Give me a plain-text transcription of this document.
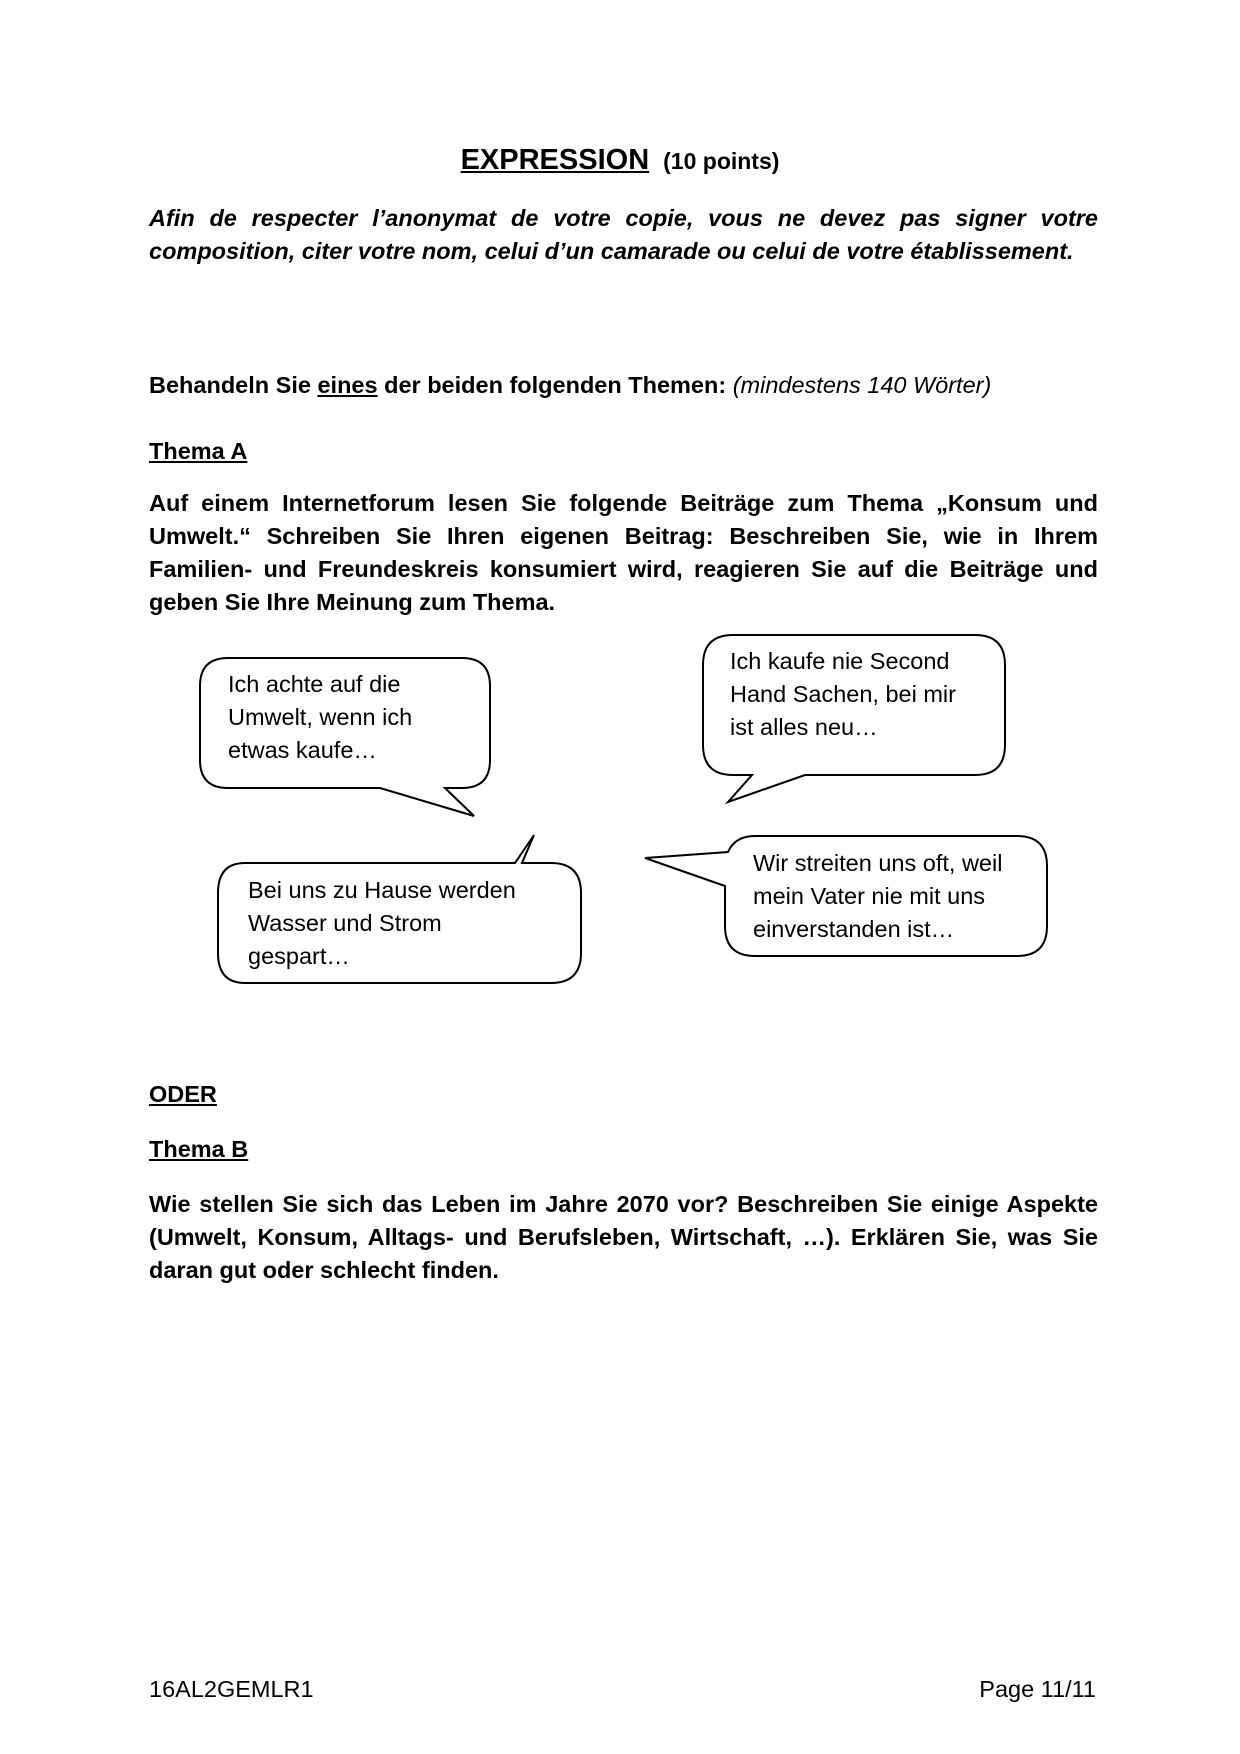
EXPRESSION (10 points)
Afin de respecter l’anonymat de votre copie, vous ne devez pas signer votre composition, citer votre nom, celui d’un camarade ou celui de votre établissement.
Behandeln Sie eines der beiden folgenden Themen: (mindestens 140 Wörter)
Thema A
Auf einem Internetforum lesen Sie folgende Beiträge zum Thema „Konsum und Umwelt.“ Schreiben Sie Ihren eigenen Beitrag: Beschreiben Sie, wie in Ihrem Familien- und Freundeskreis konsumiert wird, reagieren Sie auf die Beiträge und geben Sie Ihre Meinung zum Thema.
Ich achte auf die
Umwelt, wenn ich
etwas kaufe…
Ich kaufe nie Second
Hand Sachen, bei mir
ist alles neu…
Bei uns zu Hause werden
Wasser und Strom
gespart…
Wir streiten uns oft, weil
mein Vater nie mit uns
einverstanden ist…
ODER
Thema B
Wie stellen Sie sich das Leben im Jahre 2070 vor? Beschreiben Sie einige Aspekte (Umwelt, Konsum, Alltags- und Berufsleben, Wirtschaft, …). Erklären Sie, was Sie daran gut oder schlecht finden.
16AL2GEMLR1	Page 11/11
